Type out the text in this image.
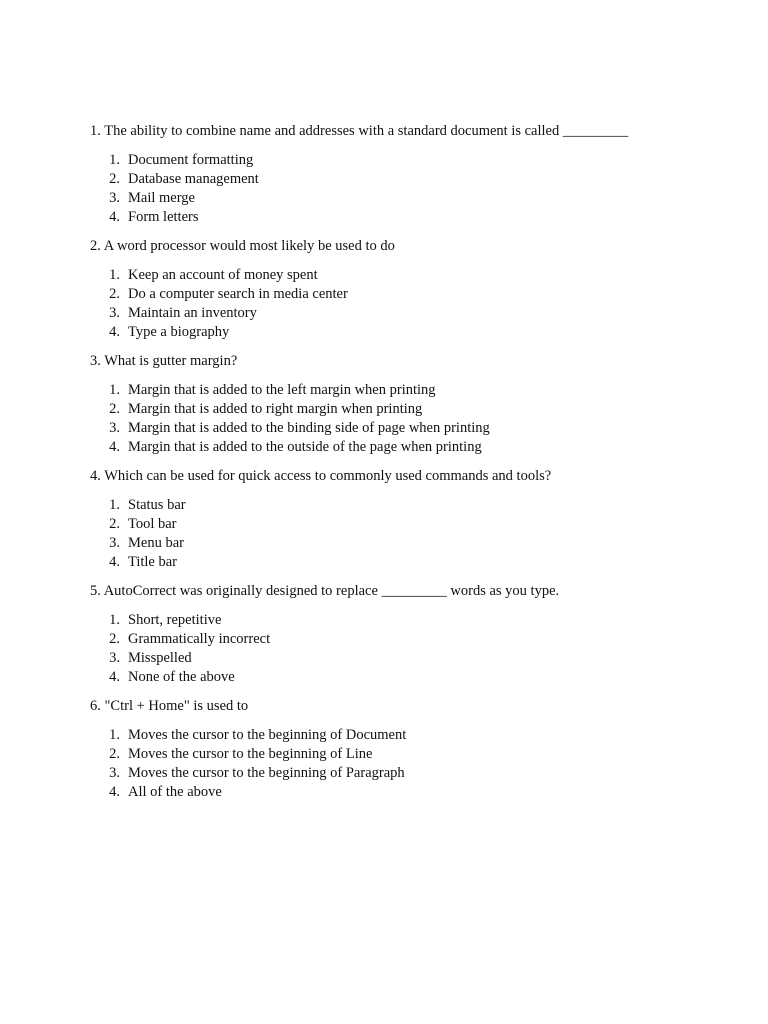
1. The ability to combine name and addresses with a standard document is called _________

1. Document formatting
2. Database management
3. Mail merge
4. Form letters

2. A word processor would most likely be used to do

1. Keep an account of money spent
2. Do a computer search in media center
3. Maintain an inventory
4. Type a biography

3. What is gutter margin?

1. Margin that is added to the left margin when printing
2. Margin that is added to right margin when printing
3. Margin that is added to the binding side of page when printing
4. Margin that is added to the outside of the page when printing

4. Which can be used for quick access to commonly used commands and tools?

1. Status bar
2. Tool bar
3. Menu bar
4. Title bar

5. AutoCorrect was originally designed to replace _________ words as you type.

1. Short, repetitive
2. Grammatically incorrect
3. Misspelled
4. None of the above

6. "Ctrl + Home" is used to

1. Moves the cursor to the beginning of Document
2. Moves the cursor to the beginning of Line
3. Moves the cursor to the beginning of Paragraph
4. All of the above
